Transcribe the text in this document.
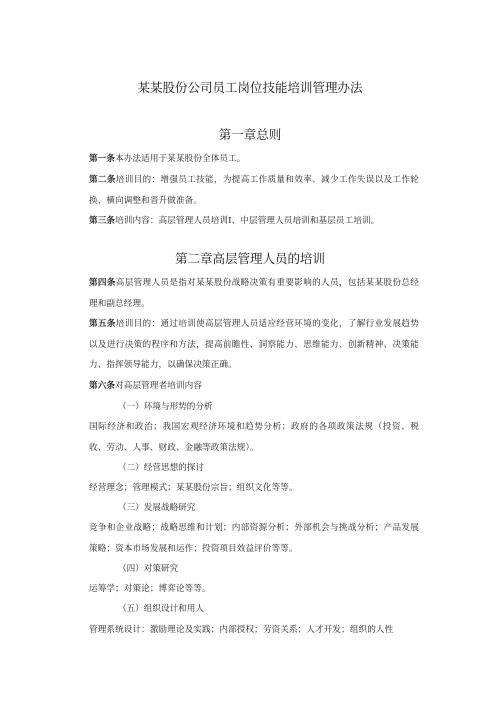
某某股份公司员工岗位技能培训管理办法
第一章总则

第一条本办法适用于某某股份全体员工。

第二条培训目的：增强员工技能，为提高工作质量和效率、减少工作失误以及工作轮换、横向调整和晋升做准备。

第三条培训内容：高层管理人员培训Ⅰ、中层管理人员培训和基层员工培训。

第二章高层管理人员的培训

第四条高层管理人员是指对某某股份战略决策有重要影响的人员，包括某某股份总经理和副总经理。

第五条培训目的：通过培训使高层管理人员适应经营环境的变化，了解行业发展趋势以及进行决策的程序和方法，提高前瞻性、洞察能力、思维能力、创新精神、决策能力、指挥领导能力，以确保决策正确。

第六条对高层管理者培训内容

（一）环境与形势的分析

国际经济和政治；我国宏观经济环境和趋势分析；政府的各项政策法规（投资、税收、劳动、人事、财政、金融等政策法规）。

（二）经营思想的探讨

经营理念；管理模式；某某股份宗旨；组织文化等等。

（三）发展战略研究

竞争和企业战略；战略思维和计划；内部资源分析；外部机会与挑战分析；产品发展策略；资本市场发展和运作；投资项目效益评价等等。

（四）对策研究

运筹学；对策论；博弈论等等。

（五）组织设计和用人

管理系统设计：激励理论及实践；内部授权；劳资关系；人才开发；组织的人性
